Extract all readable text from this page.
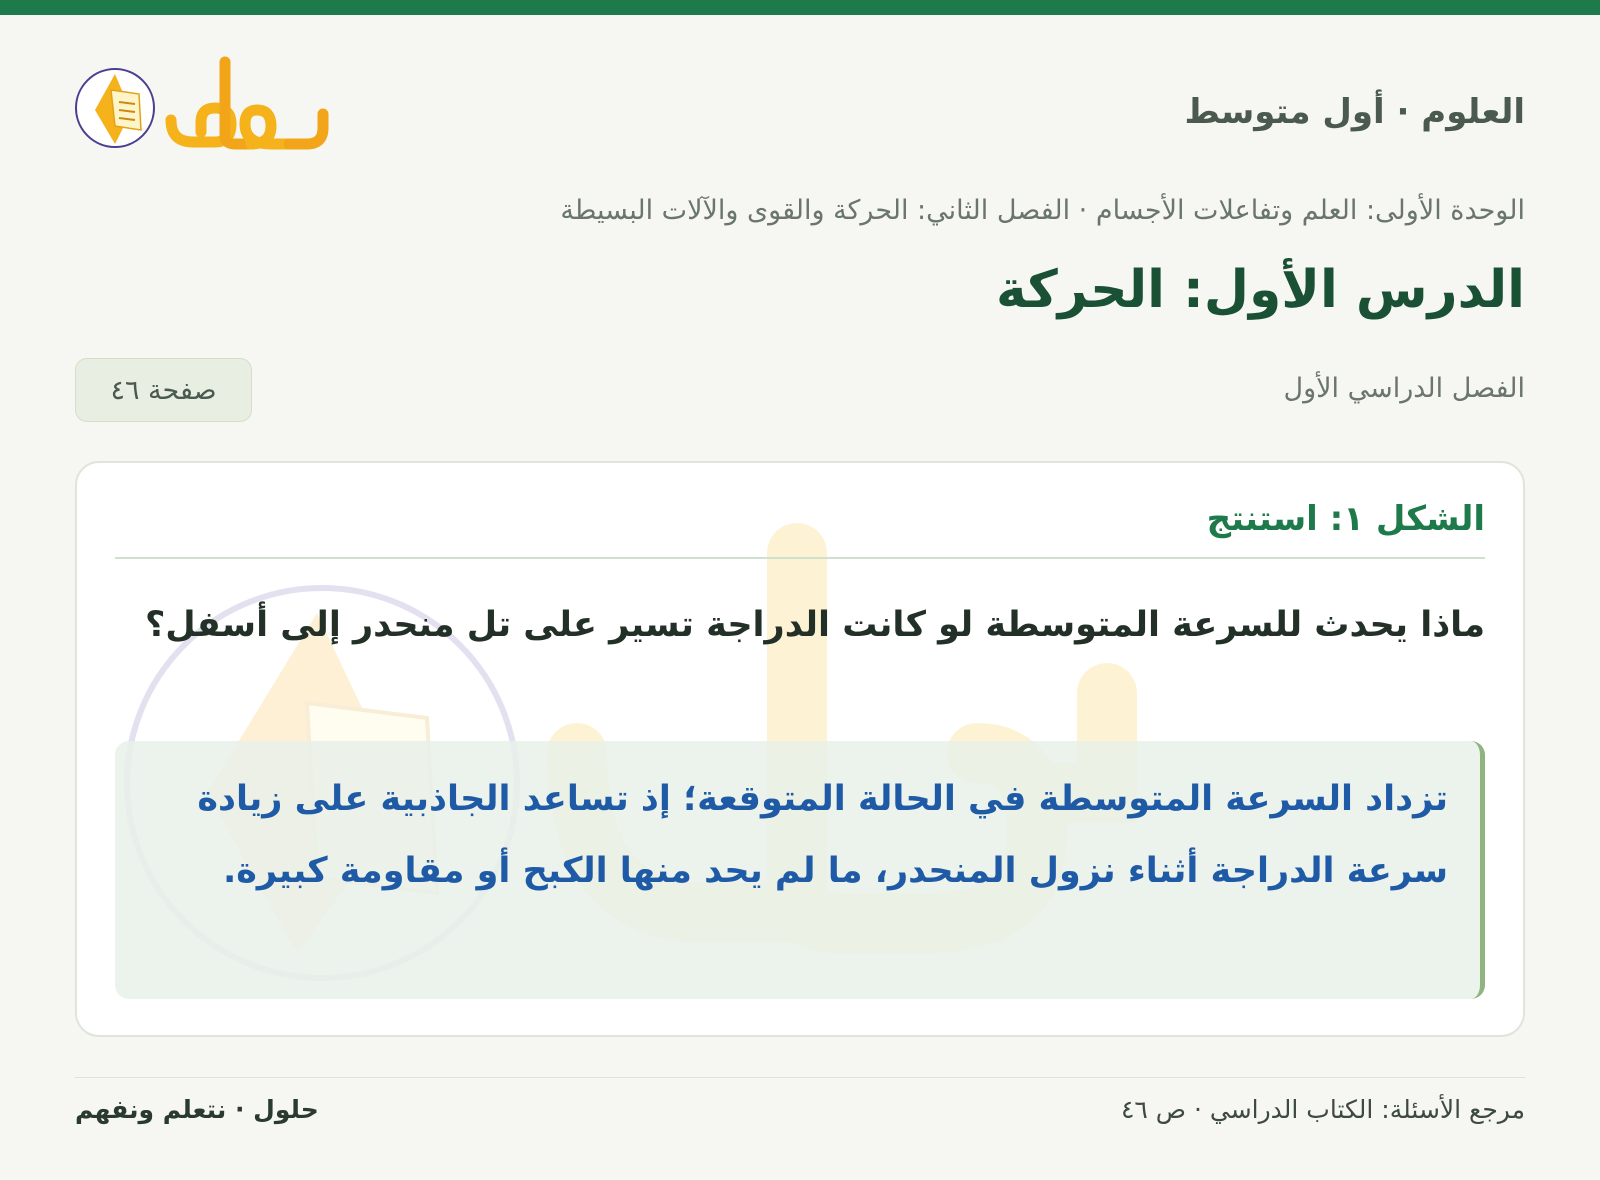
العلوم · أول متوسط
الوحدة الأولى: العلم وتفاعلات الأجسام · الفصل الثاني: الحركة والقوى والآلات البسيطة
الدرس الأول: الحركة
الفصل الدراسي الأول
صفحة ٤٦
الشكل ١: استنتج
ماذا يحدث للسرعة المتوسطة لو كانت الدراجة تسير على تل منحدر إلى أسفل؟
تزداد السرعة المتوسطة في الحالة المتوقعة؛ إذ تساعد الجاذبية على زيادة سرعة الدراجة أثناء نزول المنحدر، ما لم يحد منها الكبح أو مقاومة كبيرة.
مرجع الأسئلة: الكتاب الدراسي · ص ٤٦
حلول · نتعلم ونفهم
